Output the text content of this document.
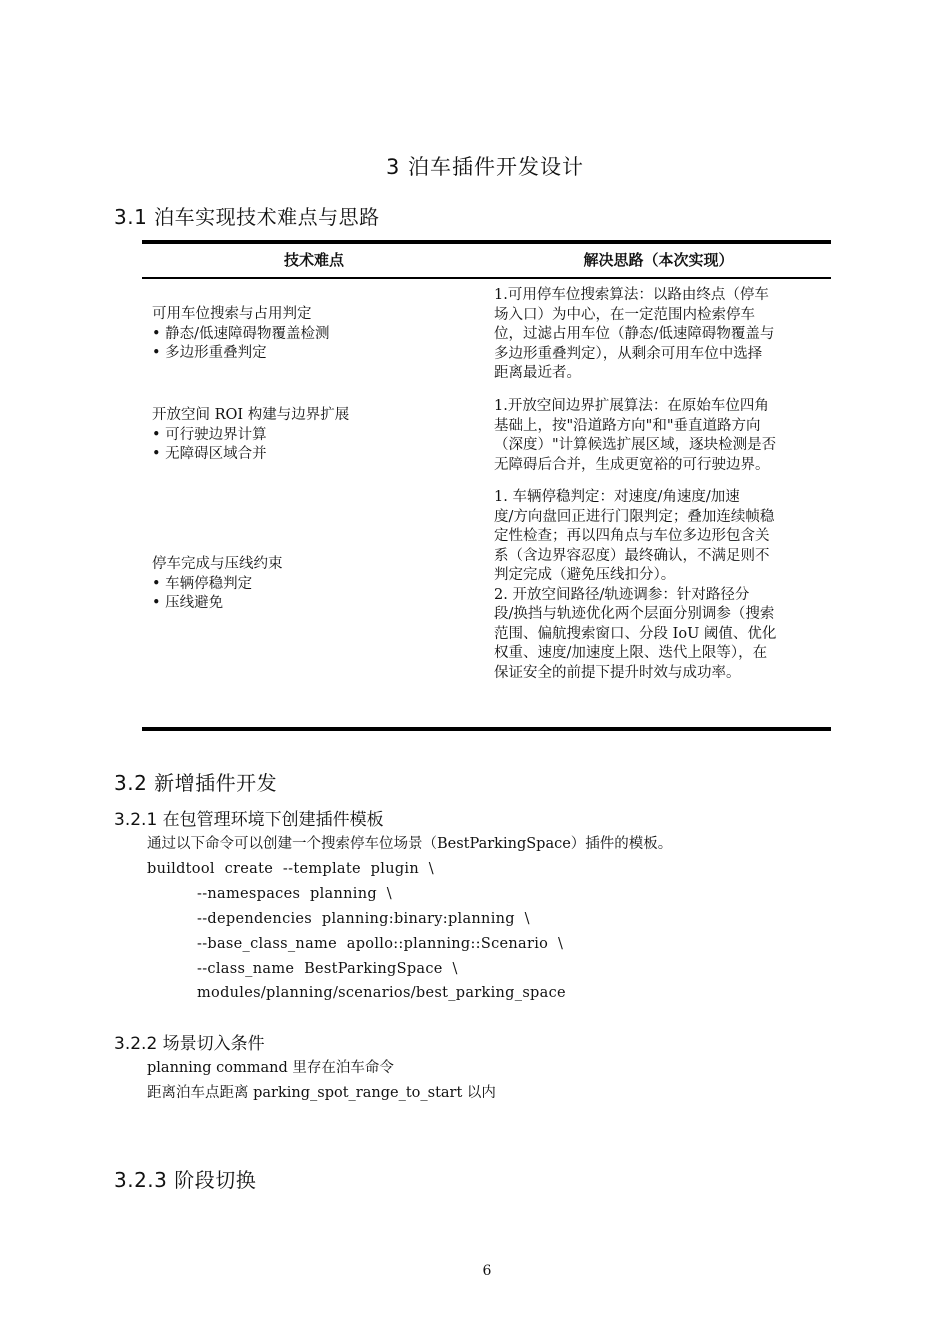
3 泊车插件开发设计
3.1 泊车实现技术难点与思路
技术难点	解决思路（本次实现）
可用车位搜索与占用判定
• 静态/低速障碍物覆盖检测
• 多边形重叠判定
1.可用停车位搜索算法：以路由终点（停车
场入口）为中心，在一定范围内检索停车
位，过滤占用车位（静态/低速障碍物覆盖与
多边形重叠判定），从剩余可用车位中选择
距离最近者。
开放空间 ROI 构建与边界扩展
• 可行驶边界计算
• 无障碍区域合并
1.开放空间边界扩展算法：在原始车位四角
基础上，按"沿道路方向"和"垂直道路方向
（深度）"计算候选扩展区域，逐块检测是否
无障碍后合并，生成更宽裕的可行驶边界。
停车完成与压线约束
• 车辆停稳判定
• 压线避免
1. 车辆停稳判定：对速度/角速度/加速
度/方向盘回正进行门限判定；叠加连续帧稳
定性检查；再以四角点与车位多边形包含关
系（含边界容忍度）最终确认，不满足则不
判定完成（避免压线扣分）。
2. 开放空间路径/轨迹调参：针对路径分
段/换挡与轨迹优化两个层面分别调参（搜索
范围、偏航搜索窗口、分段 IoU 阈值、优化
权重、速度/加速度上限、迭代上限等），在
保证安全的前提下提升时效与成功率。
3.2 新增插件开发
3.2.1 在包管理环境下创建插件模板
通过以下命令可以创建一个搜索停车位场景（BestParkingSpace）插件的模板。
buildtool  create  --template  plugin  \
--namespaces  planning  \
--dependencies  planning:binary:planning  \
--base_class_name  apollo::planning::Scenario  \
--class_name  BestParkingSpace  \
modules/planning/scenarios/best_parking_space
3.2.2 场景切入条件
planning command 里存在泊车命令
距离泊车点距离 parking_spot_range_to_start 以内
3.2.3 阶段切换
6
